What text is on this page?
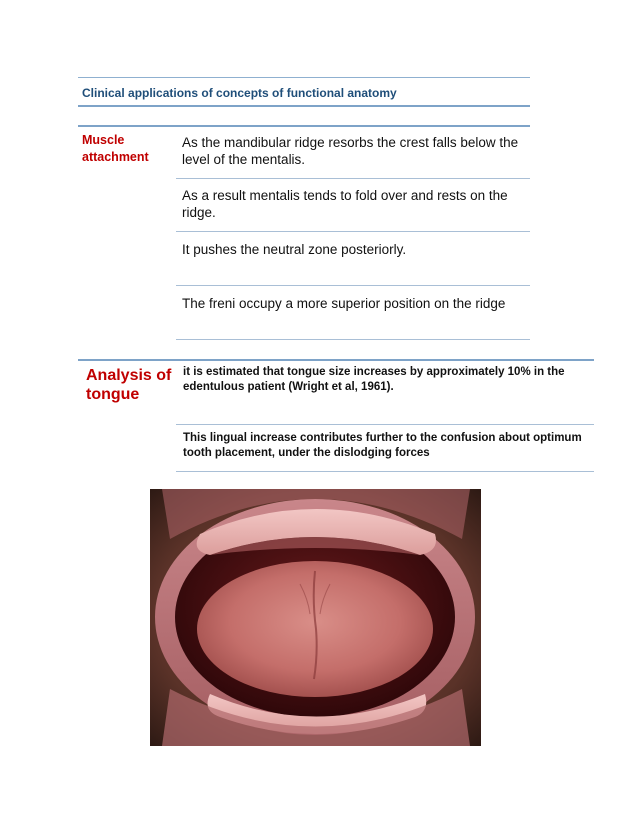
Clinical applications of concepts of functional anatomy
Muscle attachment
As the mandibular ridge resorbs the crest falls below the level of the mentalis.
As a result mentalis tends to fold over and rests on the ridge.
It pushes the neutral zone posteriorly.
The freni occupy a more superior position on the ridge
Analysis of tongue
it is estimated that tongue size increases by approximately 10% in the edentulous patient (Wright et al, 1961).
This lingual increase contributes further to the confusion about optimum tooth placement, under the dislodging forces
